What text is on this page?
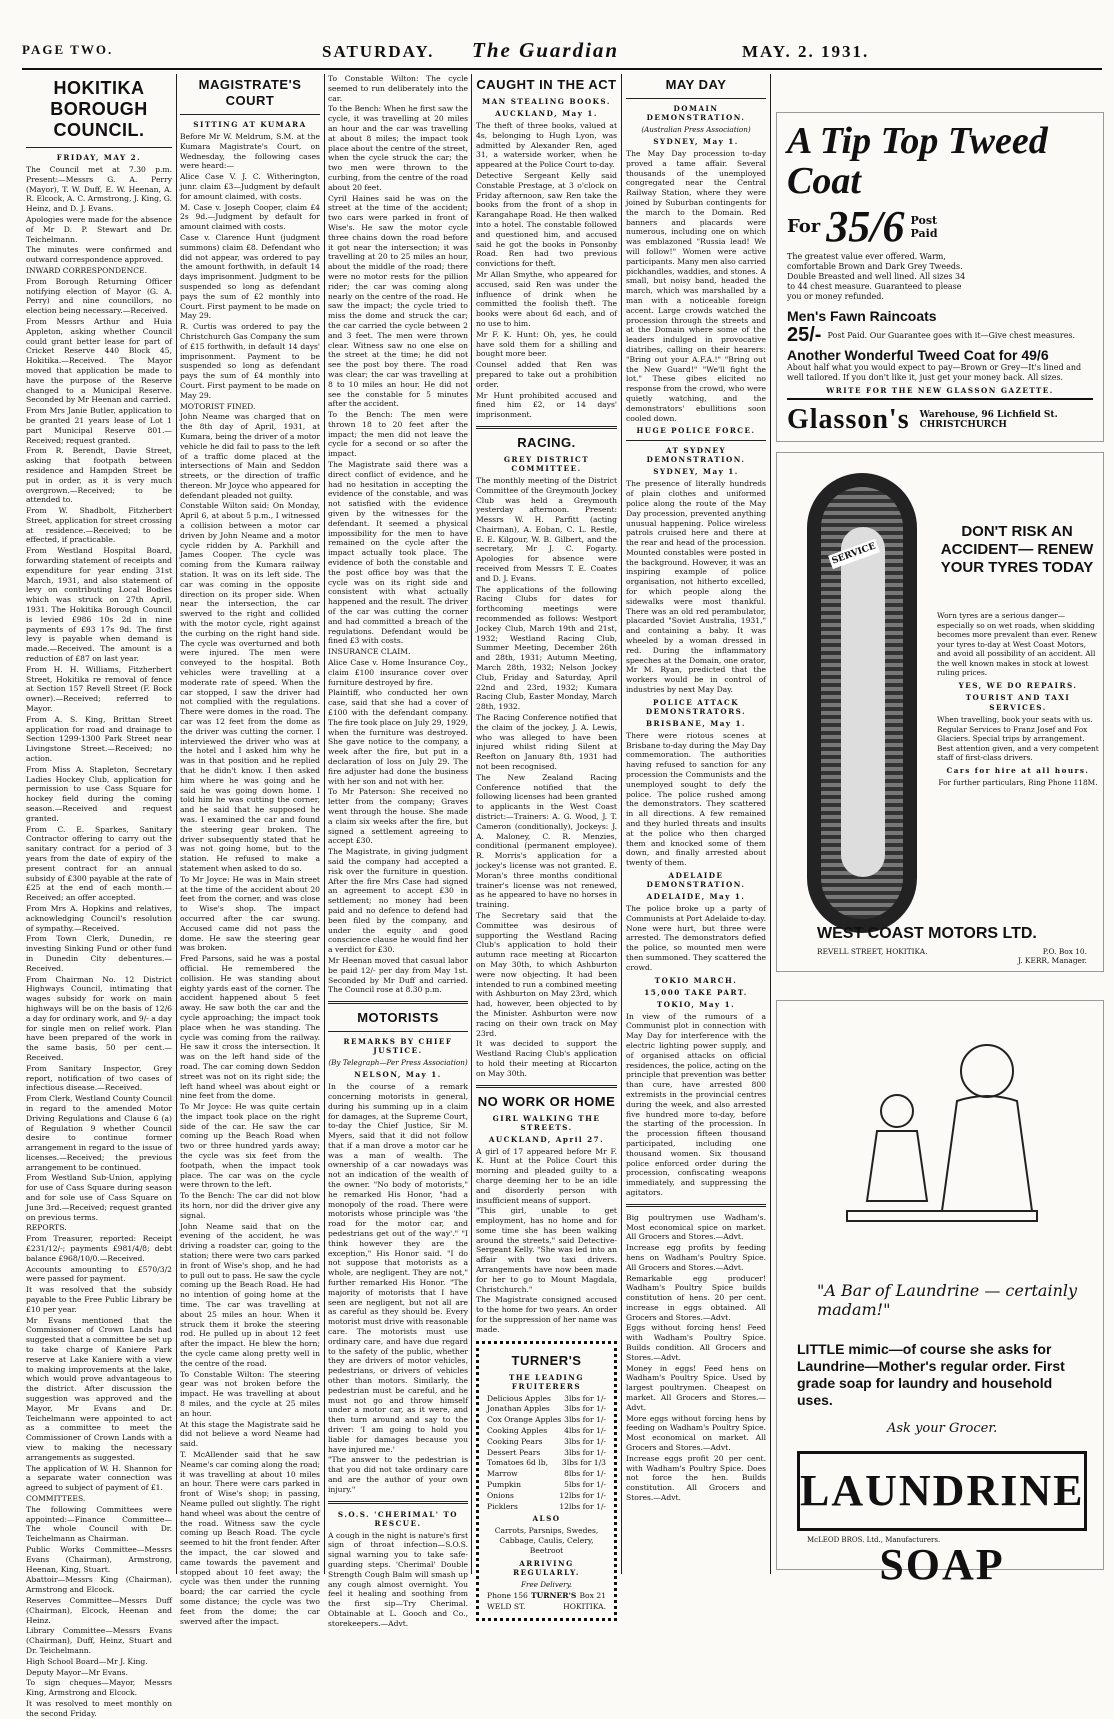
PAGE TWO.	SATURDAY. The Guardian	MAY. 2. 1931.
HOKITIKA BOROUGH COUNCIL.
FRIDAY, MAY 2.
The Council met at 7.30 p.m. Present:—Messrs G. A. Perry (Mayor), T. W. Duff, E. W. Heenan, A. R. Elcock, A. C. Armstrong, J. King, G. Heinz, and D. J. Evans.
Apologies were made for the absence of Mr D. P. Stewart and Dr. Teichelmann.
The minutes were confirmed and outward correspondence approved.
INWARD CORRESPONDENCE.
From Borough Returning Officer notifying election of Mayor (G. A. Perry) and nine councillors, no election being necessary.—Received.
From Messrs Arthur and Huia Appleton, asking whether Council could grant better lease for part of Cricket Reserve 440 Block 45, Hokitika.—Received. The Mayor moved that application be made to have the purpose of the Reserve changed to a Municipal Reserve. Seconded by Mr Heenan and carried.
From Mrs Janie Butler, application to be granted 21 years lease of Lot 1 part Municipal Reserve 801.—Received; request granted.
From R. Berendt, Davie Street, asking that footpath between residence and Hampden Street be put in order, as it is very much overgrown.—Received; to be attended to.
From W. Shadbolt, Fitzherbert Street, application for street crossing at residence.—Received; to be effected, if practicable.
From Westland Hospital Board, forwarding statement of receipts and expenditure for year ending 31st March, 1931, and also statement of levy on contributing Local Bodies which was struck on 27th April, 1931. The Hokitika Borough Council is levied £986 10s 2d in nine payments of £93 17s 9d. The first levy is payable when demand is made.—Received. The amount is a reduction of £87 on last year.
From H. H. Williams, Fitzherbert Street, Hokitika re removal of fence at Section 157 Revell Street (F. Bock owner).—Received; referred to Mayor.
From A. S. King, Brittan Street application for road and drainage to Section 1299-1300 Park Street near Livingstone Street.—Received; no action.
From Miss A. Stapleton, Secretary Ladies Hockey Club, application for permission to use Cass Square for hockey field during the coming season.—Received and request granted.
From C. E. Sparkes, Sanitary Contractor offering to carry out the sanitary contract for a period of 3 years from the date of expiry of the present contract for an annual subsidy of £300 payable at the rate of £25 at the end of each month.—Received; an offer accepted.
From Mrs A. Hopkins and relatives, acknowledging Council's resolution of sympathy.—Received.
From Town Clerk, Dunedin, re investing Sinking Fund or other fund in Dunedin City debentures.—Received.
From Chairman No. 12 District Highways Council, intimating that wages subsidy for work on main highways will be on the basis of 12/6 a day for ordinary work, and 9/- a day for single men on relief work. Plan have been prepared of the work in the same basis, 50 per cent.—Received.
From Sanitary Inspector, Grey report, notification of two cases of infectious disease.—Received.
From Clerk, Westland County Council in regard to the amended Motor Driving Regulations and Clause 6 (a) of Regulation 9 whether Council desire to continue former arrangement in regard to the issue of licenses.—Received; the previous arrangement to be continued.
From Westland Sub-Union, applying for use of Cass Square during season and for sole use of Cass Square on June 3rd.—Received; request granted on previous terms.
REPORTS.
From Treasurer, reported: Receipt £231/12/-; payments £981/4/8; debt balance £968/10/0.—Received.
Accounts amounting to £570/3/2 were passed for payment.
It was resolved that the subsidy payable to the Free Public Library be £10 per year.
Mr Evans mentioned that the Commissioner of Crown Lands had suggested that a committee be set up to take charge of Kaniere Park reserve at Lake Kaniere with a view to making improvements at the lake, which would prove advantageous to the district. After discussion the suggestion was approved and the Mayor, Mr Evans and Dr. Teichelmann were appointed to act as a committee to meet the Commissioner of Crown Lands with a view to making the necessary arrangements as suggested.
The application of W. H. Shannon for a separate water connection was agreed to subject of payment of £1.
COMMITTEES.
The following Committees were appointed:—Finance Committee—The whole Council with Dr. Teichelmann as Chairman.
Public Works Committee—Messrs Evans (Chairman), Armstrong, Heenan, King, Stuart.
Abattoir—Messrs King (Chairman), Armstrong and Elcock.
Reserves Committee—Messrs Duff (Chairman), Elcock, Heenan and Heinz.
Library Committee—Messrs Evans (Chairman), Duff, Heinz, Stuart and Dr. Teichelmann.
High School Board—Mr J. King.
Deputy Mayor—Mr Evans.
To sign cheques—Mayor, Messrs King, Armstrong and Elcock.
It was resolved to meet monthly on the second Friday.
MAGISTRATE'S COURT
SITTING AT KUMARA
Before Mr W. Meldrum, S.M. at the Kumara Magistrate's Court, on Wednesday, the following cases were heard:—
Alice Case V. J. C. Witherington, junr. claim £3—Judgment by default for amount claimed, with costs.
M. Case v. Joseph Cooper, claim £4 2s 9d.—Judgment by default for amount claimed with costs.
Case v. Clarence Hunt (judgment summons) claim £8. Defendant who did not appear, was ordered to pay the amount forthwith, in default 14 days imprisonment. Judgment to be suspended so long as defendant pays the sum of £2 monthly into Court. First payment to be made on May 29.
R. Curtis was ordered to pay the Christchurch Gas Company the sum of £15 forthwith, in default 14 days' imprisonment. Payment to be suspended so long as defendant pays the sum of £4 monthly into Court. First payment to be made on May 29.
MOTORIST FINED.
John Neame was charged that on the 8th day of April, 1931, at Kumara, being the driver of a motor vehicle he did fail to pass to the left of a traffic dome placed at the intersections of Main and Seddon streets, or the direction of traffic thereon. Mr Joyce who appeared for defendant pleaded not guilty.
Constable Wilton said: On Monday, April 6, at about 5 p.m., I witnessed a collision between a motor car driven by John Neame and a motor cycle ridden by A. Parkhill and James Cooper. The cycle was coming from the Kumara railway station. It was on its left side. The car was coming in the opposite direction on its proper side. When near the intersection, the car swerved to the right and collided with the motor cycle, right against the curbing on the right hand side. The cycle was overturned and both were injured. The men were conveyed to the hospital. Both vehicles were travelling at a moderate rate of speed. When the car stopped, I saw the driver had not complied with the regulations. There were domes in the road. The car was 12 feet from the dome as the driver was cutting the corner. I interviewed the driver who was at the hotel and I asked him why he was in that position and he replied that he didn't know. I then asked him where he was going and he said he was going down home. I told him he was cutting the corner, and he said that he supposed he was. I examined the car and found the steering gear broken. The driver subsequently stated that he was not going home, but to the station. He refused to make a statement when asked to do so.
To Mr Joyce: He was in Main street at the time of the accident about 20 feet from the corner, and was close to Wise's shop. The impact occurred after the car swung. Accused came did not pass the dome. He saw the steering gear was broken.
Fred Parsons, said he was a postal official. He remembered the collision. He was standing about eighty yards east of the corner. The accident happened about 5 feet away. He saw both the car and the cycle approaching; the impact took place when he was standing. The cycle was coming from the railway. He saw it cross the intersection. It was on the left hand side of the road. The car coming down Seddon street was not on its right side; the left hand wheel was about eight or nine feet from the dome.
To Mr Joyce: He was quite certain the impact took place on the right side of the car. He saw the car coming up the Beach Road when two or three hundred yards away; the cycle was six feet from the footpath, when the impact took place. The car was on the cycle were thrown to the left.
To the Bench: The car did not blow its horn, nor did the driver give any signal.
John Neame said that on the evening of the accident, he was driving a roadster car, going to the station; there were two cars parked in front of Wise's shop, and he had to pull out to pass. He saw the cycle coming up the Beach Road. He had no intention of going home at the time. The car was travelling at about 25 miles an hour. When it struck them it broke the steering rod. He pulled up in about 12 feet after the impact. He blew the horn; the cycle came along pretty well in the centre of the road.
To Constable Wilton: The steering gear was not broken before the impact. He was travelling at about 8 miles, and the cycle at 25 miles an hour.
At this stage the Magistrate said he did not believe a word Neame had said.
T. McAllender said that he saw Neame's car coming along the road; it was travelling at about 10 miles an hour. There were cars parked in front of Wise's shop; in passing, Neame pulled out slightly. The right hand wheel was about the centre of the road. Witness saw the cycle coming up Beach Road. The cycle seemed to hit the front fender. After the impact, the car slowed and came towards the pavement and stopped about 10 feet away; the cycle was then under the running board; the car carried the cycle some distance; the cycle was two feet from the dome; the car swerved after the impact.
To Constable Wilton: The cycle seemed to run deliberately into the car.
To the Bench: When he first saw the cycle, it was travelling at 20 miles an hour and the car was travelling at about 8 miles; the impact took place about the centre of the street, when the cycle struck the car; the two men were thrown to the curbing, from the centre of the road about 20 feet.
Cyril Haines said he was on the street at the time of the accident; two cars were parked in front of Wise's. He saw the motor cycle three chains down the road before it got near the intersection; it was travelling at 20 to 25 miles an hour, about the middle of the road; there were no motor rests for the pillion rider; the car was coming along nearly on the centre of the road. He saw the impact; the cycle tried to miss the dome and struck the car; the car carried the cycle between 2 and 3 feet. The men were thrown clear. Witness saw no one else on the street at the time; he did not see the post boy there. The road was clear; the car was travelling at 8 to 10 miles an hour. He did not see the constable for 5 minutes after the accident.
To the Bench: The men were thrown 18 to 20 feet after the impact; the men did not leave the cycle for a second or so after the impact.
The Magistrate said there was a direct conflict of evidence, and he had no hesitation in accepting the evidence of the constable, and was not satisfied with the evidence given by the witnesses for the defendant. It seemed a physical impossibility for the men to have remained on the cycle after the impact actually took place. The evidence of both the constable and the post office boy was that the cycle was on its right side and consistent with what actually happened and the result. The driver of the car was cutting the corner and had committed a breach of the regulations. Defendant would be fined £3 with costs.
INSURANCE CLAIM.
Alice Case v. Home Insurance Coy., claim £100 insurance cover over furniture destroyed by fire.
Plaintiff, who conducted her own case, said that she had a cover of £100 with the defendant company. The fire took place on July 29, 1929, when the furniture was destroyed. She gave notice to the company, a week after the fire, but put in a declaration of loss on July 29. The fire adjuster had done the business with her son and not with her.
To Mr Paterson: She received no letter from the company; Graves went through the house. She made a claim six weeks after the fire, but signed a settlement agreeing to accept £30.
The Magistrate, in giving judgment said the company had accepted a risk over the furniture in question. After the fire Mrs Case had signed an agreement to accept £30 in settlement; no money had been paid and no defence to defend had been filed by the company, and under the equity and good conscience clause he would find her a verdict for £30.
Mr Heenan moved that casual labor be paid 12/- per day from May 1st. Seconded by Mr Duff and carried. The Council rose at 8.30 p.m.
MOTORISTS
REMARKS BY CHIEF JUSTICE.
(By Telegraph—Per Press Association)
NELSON, May 1.
In the course of a remark concerning motorists in general, during his summing up in a claim for damages, at the Supreme Court, to-day the Chief Justice, Sir M. Myers, said that it did not follow that if a man drove a motor car he was a man of wealth. The ownership of a car nowadays was not an indication of the wealth of the owner. "No body of motorists," he remarked His Honor, "had a monopoly of the road. There were motorists whose principle was 'the road for the motor car, and pedestrians get out of the way'." "I think however they are the exception," His Honor said. "I do not suppose that motorists as a whole, are negligent. They are not," further remarked His Honor. "The majority of motorists that I have seen are negligent, but not all are as careful as they should be. Every motorist must drive with reasonable care. The motorists must use ordinary care, and have due regard to the safety of the public, whether they are drivers of motor vehicles, pedestrians, or drivers of vehicles other than motors. Similarly, the pedestrian must be careful, and he must not go and throw himself under a motor car, as it were, and then turn around and say to the driver: 'I am going to hold you liable for damages because you have injured me.'
"The answer to the pedestrian is that you did not take ordinary care and are the author of your own injury."
S.O.S. 'CHERIMAL' TO RESCUE.
A cough in the night is nature's first sign of throat infection—S.O.S. signal warning you to take safe-guarding steps. 'Cherimal' Double Strength Cough Balm will smash up any cough almost overnight. You feel it healing and soothing from the first sip—Try Cherimal. Obtainable at L. Gooch and Co., storekeepers.—Advt.
CAUGHT IN THE ACT
MAN STEALING BOOKS.
AUCKLAND, May 1.
The theft of three books, valued at 4s, belonging to Hugh Lyon, was admitted by Alexander Ren, aged 31, a waterside worker, when he appeared at the Police Court to-day.
Detective Sergeant Kelly said Constable Prestage, at 3 o'clock on Friday afternoon, saw Ren take the books from the front of a shop in Karangahape Road. He then walked into a hotel. The constable followed and questioned him, and accused said he got the books in Ponsonby Road. Ren had two previous convictions for theft.
Mr Allan Smythe, who appeared for accused, said Ren was under the influence of drink when he committed the foolish theft. The books were about 6d each, and of no use to him.
Mr F. K. Hunt: Oh, yes, he could have sold them for a shilling and bought more beer.
Counsel added that Ren was prepared to take out a prohibition order.
Mr Hunt prohibited accused and fined him £2, or 14 days' imprisonment.
RACING.
GREY DISTRICT COMMITTEE.
The monthly meeting of the District Committee of the Greymouth Jockey Club was held a Greymouth yesterday afternoon. Present: Messrs W. H. Parfitt (acting Chairman), A. Eoban, C. L. Restle, E. E. Kilgour, W. B. Gilbert, and the secretary, Mr J. C. Fogarty. Apologies for absence were received from Messrs T. E. Coates and D. J. Evans.
The applications of the following Racing Clubs for dates for forthcoming meetings were recommended as follows: Westport Jockey Club, March 19th and 21st, 1932; Westland Racing Club, Summer Meeting, December 26th and 28th, 1931; Autumn Meeting, March 28th, 1932; Nelson Jockey Club, Friday and Saturday, April 22nd and 23rd, 1932; Kumara Racing Club, Easter Monday, March 28th, 1932.
The Racing Conference notified that the claim of the jockey, J. A. Lewis, who was alleged to have been injured whilst riding Silent at Reefton on January 8th, 1931 had not been recognised.
The New Zealand Racing Conference notified that the following licenses had been granted to applicants in the West Coast district:—Trainers: A. G. Wood, J. T. Cameron (conditionally), Jockeys: J. A. Maloney, C. R. Menzies, conditional (permanent employee). R. Morris's application for a jockey's license was not granted. E. Moran's three months conditional trainer's license was not renewed, as he appeared to have no horses in training.
The Secretary said that the Committee was desirous of supporting the Westland Racing Club's application to hold their autumn race meeting at Riccarton on May 30th, to which Ashburton were now objecting. It had been intended to run a combined meeting with Ashburton on May 23rd, which had, however, been objected to by the Minister. Ashburton were now racing on their own track on May 23rd.
It was decided to support the Westland Racing Club's application to hold their meeting at Riccarton on May 30th.
NO WORK OR HOME
GIRL WALKING THE STREETS.
AUCKLAND, April 27.
A girl of 17 appeared before Mr F. K. Hunt at the Police Court this morning and pleaded guilty to a charge deeming her to be an idle and disorderly person with insufficient means of support.
"This girl, unable to get employment, has no home and for some time she has been walking around the streets," said Detective-Sergeant Kelly. "She was led into an affair with two taxi drivers. Arrangements have now been made for her to go to Mount Magdala, Christchurch."
The Magistrate consigned accused to the home for two years. An order for the suppression of her name was made.
TURNER'S
THE LEADING FRUITERERS
Delicious Apples 3lbs for 1/-
Jonathan Apples 3lbs for 1/-
Cox Orange Apples 3lbs for 1/-
Cooking Apples 4lbs for 1/-
Cooking Pears	3lbs for 1/-
Dessert Pears	3lbs for 1/-
Tomatoes 6d lb, 3lbs for 1/3
Marrow	8lbs for 1/-
Pumpkin	5lbs for 1/-
Onions	12lbs for 1/-
Picklers	12lbs for 1/-
ALSO
Carrots, Parsnips, Swedes, Cabbage, Caulis, Celery, Beetroot
ARRIVING REGULARLY.
Free Delivery.
Phone 156 TURNER'S Box 21
WELD ST.	HOKITIKA.
MAY DAY
DOMAIN DEMONSTRATION.
(Australian Press Association)
SYDNEY, May 1.
The May Day procession to-day proved a tame affair. Several thousands of the unemployed congregated near the Central Railway Station, where they were joined by Suburban contingents for the march to the Domain. Red banners and placards were numerous, including one on which was emblazoned "Russia lead! We will follow!" Women were active participants. Many men also carried pickhandles, waddies, and stones. A small, but noisy band, headed the march, which was marshalled by a man with a noticeable foreign accent. Large crowds watched the procession through the streets and at the Domain where some of the leaders indulged in provocative diatribes, calling on their hearers: "Bring out your A.F.A.!" "Bring out the New Guard!" "We'll fight the lot." These gibes elicited no response from the crowd, who were quietly watching, and the demonstrators' ebullitions soon cooled down.
HUGE POLICE FORCE.
AT SYDNEY DEMONSTRATION.
SYDNEY, May 1.
The presence of literally hundreds of plain clothes and uniformed police along the route of the May Day procession, prevented anything unusual happening. Police wireless patrols cruised here and there at the rear and head of the procession. Mounted constables were posted in the background. However, it was an inspiring example of police organisation, not hitherto excelled, for which people along the sidewalks were most thankful. There was an old red perambulator, placarded "Soviet Australia, 1931," and containing a baby. It was wheeled by a woman dressed in red. During the inflammatory speeches at the Domain, one orator, Mr M. Ryan, predicted that the workers would be in control of industries by next May Day.
POLICE ATTACK DEMONSTRATORS.
BRISBANE, May 1.
There were riotous scenes at Brisbane to-day during the May Day commemoration. The authorities having refused to sanction for any procession the Communists and the unemployed sought to defy the police. The police rushed among the demonstrators. They scattered in all directions. A few remained and they hurled threats and insults at the police who then charged them and knocked some of them down, and finally arrested about twenty of them.
ADELAIDE DEMONSTRATION.
ADELAIDE, May 1.
The police broke up a party of Communists at Port Adelaide to-day. None were hurt, but three were arrested. The demonstrators defied the police, so mounted men were then summoned. They scattered the crowd.
TOKIO MARCH.
15,000 TAKE PART.
TOKIO, May 1.
In view of the rumours of a Communist plot in connection with May Day for interference with the electric lighting power supply, and of organised attacks on official residences, the police, acting on the principle that prevention was better than cure, have arrested 800 extremists in the provincial centres during the week, and also arrested five hundred more to-day, before the starting of the procession. In the procession fifteen thousand participated, including one thousand women. Six thousand police enforced order during the procession, confiscating weapons immediately, and suppressing the agitators.
Big poultrymen use Wadham's. Most economical spice on market. All Grocers and Stores.—Advt.
Increase egg profits by feeding hens on Wadham's Poultry Spice. All Grocers and Stores.—Advt.
Remarkable egg producer! Wadham's Poultry Spice builds constitution of hens. 20 per cent. increase in eggs obtained. All Grocers and Stores.—Advt.
Eggs without forcing hens! Feed with Wadham's Poultry Spice. Builds condition. All Grocers and Stores.—Advt.
Money in eggs! Feed hens on Wadham's Poultry Spice. Used by largest poultrymen. Cheapest on market. All Grocers and Stores.—Advt.
More eggs without forcing hens by feeding on Wadham's Poultry Spice. Most economical on market. All Grocers and Stores.—Advt.
Increase eggs profit 20 per cent. with Wadham's Poultry Spice. Does not force the hen. Builds constitution. All Grocers and Stores.—Advt.
A Tip Top Tweed Coat
For 35/6 Post Paid
The greatest value ever offered. Warm, comfortable Brown and Dark Grey Tweeds. Double Breasted and well lined. All sizes 34 to 44 chest measure. Guaranteed to please you or money refunded.
Men's Fawn Raincoats
25/- Post Paid. Our Guarantee goes with it—Give chest measures.
Another Wonderful Tweed Coat for 49/6
About half what you would expect to pay—Brown or Grey—It's lined and well tailored. If you don't like it, just get your money back. All sizes.
WRITE FOR THE NEW GLASSON GAZETTE.
Glasson's Warehouse, 96 Lichfield St.
CHRISTCHURCH
SERVICE
DON'T RISK AN ACCIDENT— RENEW YOUR TYRES TODAY
Worn tyres are a serious danger—especially so on wet roads, when skidding becomes more prevalent than ever. Renew your tyres to-day at West Coast Motors, and avoid all possibility of an accident. All the well known makes in stock at lowest ruling prices.
YES, WE DO REPAIRS.
TOURIST AND TAXI SERVICES.
When travelling, book your seats with us. Regular Services to Franz Josef and Fox Glaciers. Special trips by arrangement. Best attention given, and a very competent staff of first-class drivers.
Cars for hire at all hours.
For further particulars, Ring Phone 118M.
WEST COAST MOTORS LTD.
REVELL STREET, HOKITIKA.	P.O. Box 10.

J. KERR, Manager.
"A Bar of Laundrine — certainly madam!"
LITTLE mimic—of course she asks for Laundrine—Mother's regular order. First grade soap for laundry and household uses.
Ask your Grocer.
LAUNDRINE SOAP
McLEOD BROS. Ltd., Manufacturers.
